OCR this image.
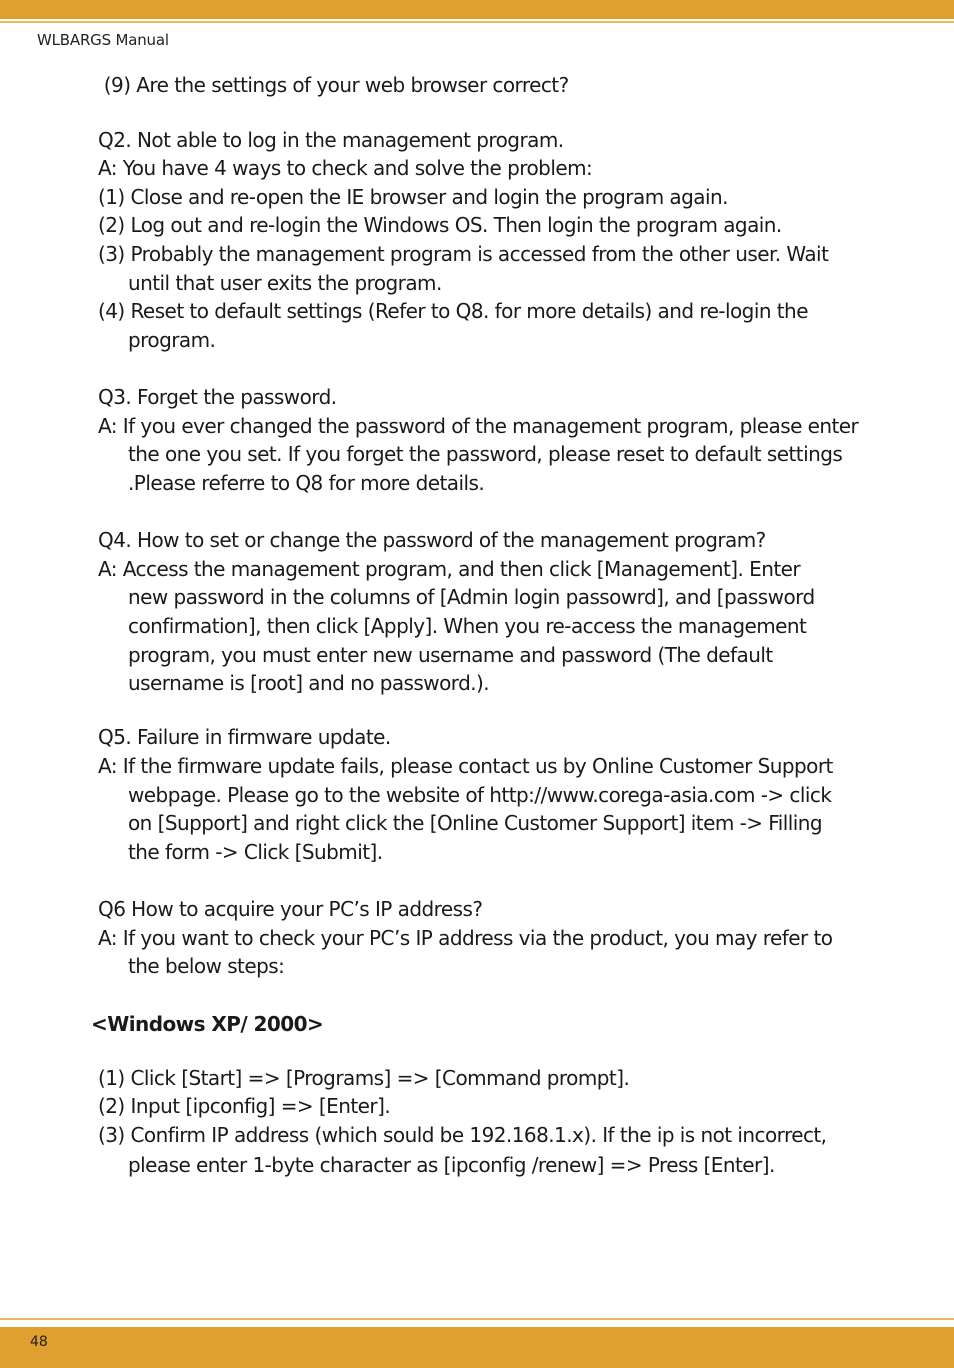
WLBARGS Manual
(9) Are the settings of your web browser correct?
Q2. Not able to log in the management program.
A: You have 4 ways to check and solve the problem:
(1) Close and re-open the IE browser and login the program again.
(2) Log out and re-login the Windows OS. Then login the program again.
(3) Probably the management program is accessed from the other user. Wait
until that user exits the program.
(4) Reset to default settings (Refer to Q8. for more details) and re-login the
program.
Q3. Forget the password.
A: If you ever changed the password of the management program, please enter
the one you set. If you forget the password, please reset to default settings
.Please referre to Q8 for more details.
Q4. How to set or change the password of the management program?
A: Access the management program, and then click [Management]. Enter
new password in the columns of [Admin login passowrd], and [password
confirmation], then click [Apply]. When you re-access the management
program, you must enter new username and password (The default
username is [root] and no password.).
Q5. Failure in firmware update.
A: If the firmware update fails, please contact us by Online Customer Support
webpage. Please go to the website of http://www.corega-asia.com -> click
on [Support] and right click the [Online Customer Support] item -> Filling
the form -> Click [Submit].
Q6 How to acquire your PC’s IP address?
A: If you want to check your PC’s IP address via the product, you may refer to
the below steps:
<Windows XP/ 2000>
(1) Click [Start] => [Programs] => [Command prompt].
(2) Input [ipconfig] => [Enter].
(3) Confirm IP address (which sould be 192.168.1.x). If the ip is not incorrect,
please enter 1-byte character as [ipconfig /renew] => Press [Enter].
48
